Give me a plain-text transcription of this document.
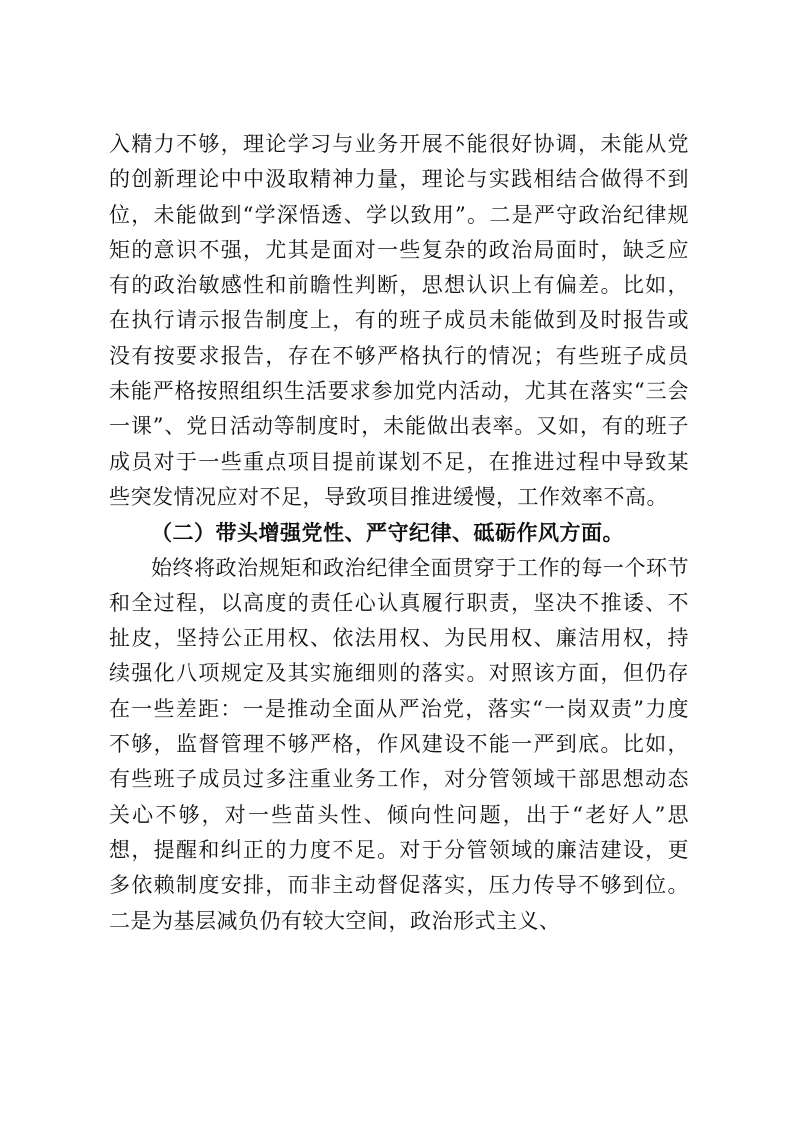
入精力不够，理论学习与业务开展不能很好协调，未能从党的创新理论中中汲取精神力量，理论与实践相结合做得不到位，未能做到“学深悟透、学以致用”。二是严守政治纪律规矩的意识不强，尤其是面对一些复杂的政治局面时，缺乏应有的政治敏感性和前瞻性判断，思想认识上有偏差。比如，在执行请示报告制度上，有的班子成员未能做到及时报告或没有按要求报告，存在不够严格执行的情况；有些班子成员未能严格按照组织生活要求参加党内活动，尤其在落实“三会一课”、党日活动等制度时，未能做出表率。又如，有的班子成员对于一些重点项目提前谋划不足，在推进过程中导致某些突发情况应对不足，导致项目推进缓慢，工作效率不高。

（二）带头增强党性、严守纪律、砥砺作风方面。

始终将政治规矩和政治纪律全面贯穿于工作的每一个环节和全过程，以高度的责任心认真履行职责，坚决不推诿、不扯皮，坚持公正用权、依法用权、为民用权、廉洁用权，持续强化八项规定及其实施细则的落实。对照该方面，但仍存在一些差距：一是推动全面从严治党，落实“一岗双责”力度不够，监督管理不够严格，作风建设不能一严到底。比如，有些班子成员过多注重业务工作，对分管领域干部思想动态关心不够，对一些苗头性、倾向性问题，出于“老好人”思想，提醒和纠正的力度不足。对于分管领域的廉洁建设，更多依赖制度安排，而非主动督促落实，压力传导不够到位。二是为基层减负仍有较大空间，政治形式主义、
